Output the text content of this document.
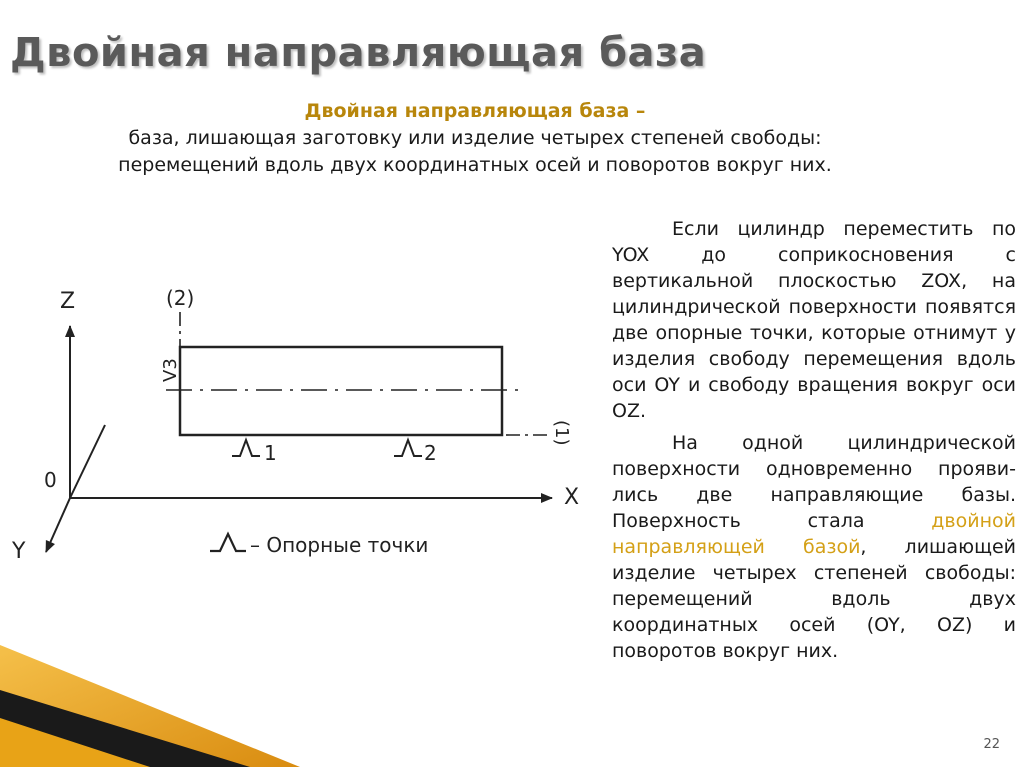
Двойная направляющая база
Двойная направляющая база –
база, лишающая заготовку или изделие четырех степеней свободы: перемещений вдоль двух координатных осей и поворотов вокруг них.

Если цилиндр переместить по YOX до соприкосновения с вертикальной плоскостью ZOX, на цилиндрической поверхности появятся две опорные точки, которые отнимут у изделия свободу перемещения вдоль оси OY и свободу вращения вокруг оси OZ.

На одной цилиндрической поверхности одновременно прояви-лись две направляющие базы. Поверхность стала двойной направляющей базой, лишающей изделие четырех степеней свободы: перемещений вдоль двух координатных осей (OY, OZ) и поворотов вокруг них.

Z
X
Y
0
(2)
V3
(1)
1	2
– Опорные точки
22
